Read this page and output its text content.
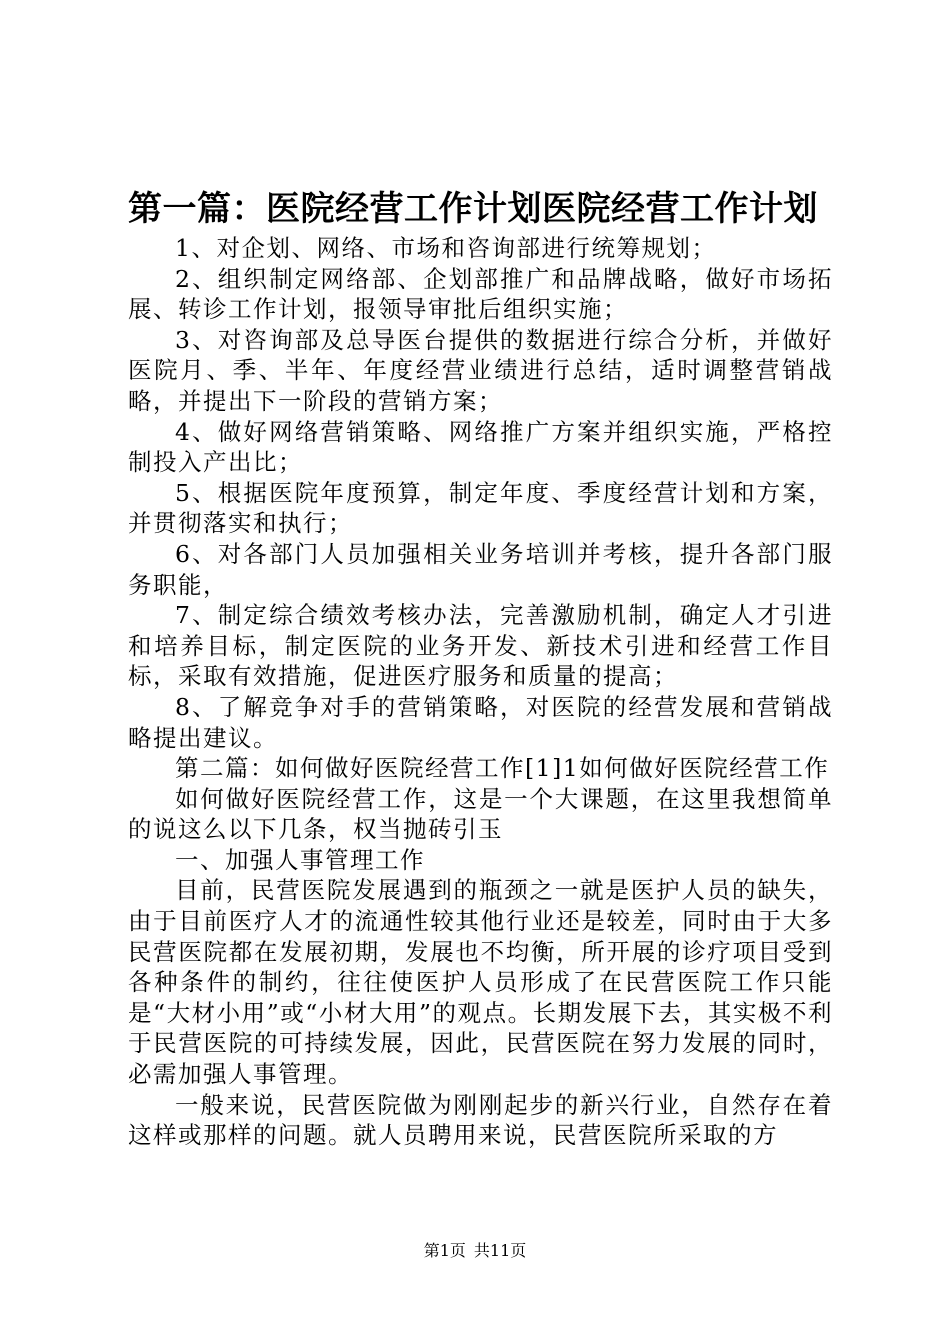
第一篇：医院经营工作计划医院经营工作计划

1、对企划、网络、市场和咨询部进行统筹规划；

2、组织制定网络部、企划部推广和品牌战略，做好市场拓展、转诊工作计划，报领导审批后组织实施；

3、对咨询部及总导医台提供的数据进行综合分析，并做好医院月、季、半年、年度经营业绩进行总结，适时调整营销战略，并提出下一阶段的营销方案；

4、做好网络营销策略、网络推广方案并组织实施，严格控制投入产出比；

5、根据医院年度预算，制定年度、季度经营计划和方案，并贯彻落实和执行；

6、对各部门人员加强相关业务培训并考核，提升各部门服务职能，

7、制定综合绩效考核办法，完善激励机制，确定人才引进和培养目标，制定医院的业务开发、新技术引进和经营工作目标，采取有效措施，促进医疗服务和质量的提高；

8、了解竞争对手的营销策略，对医院的经营发展和营销战略提出建议。

第二篇：如何做好医院经营工作[1]1如何做好医院经营工作

如何做好医院经营工作，这是一个大课题，在这里我想简单的说这么以下几条，权当抛砖引玉

一、加强人事管理工作

目前，民营医院发展遇到的瓶颈之一就是医护人员的缺失，由于目前医疗人才的流通性较其他行业还是较差，同时由于大多民营医院都在发展初期，发展也不均衡，所开展的诊疗项目受到各种条件的制约，往往使医护人员形成了在民营医院工作只能是“大材小用”或“小材大用”的观点。长期发展下去，其实极不利于民营医院的可持续发展，因此，民营医院在努力发展的同时，必需加强人事管理。

一般来说，民营医院做为刚刚起步的新兴行业，自然存在着这样或那样的问题。就人员聘用来说，民营医院所采取的方

第1页 共11页
